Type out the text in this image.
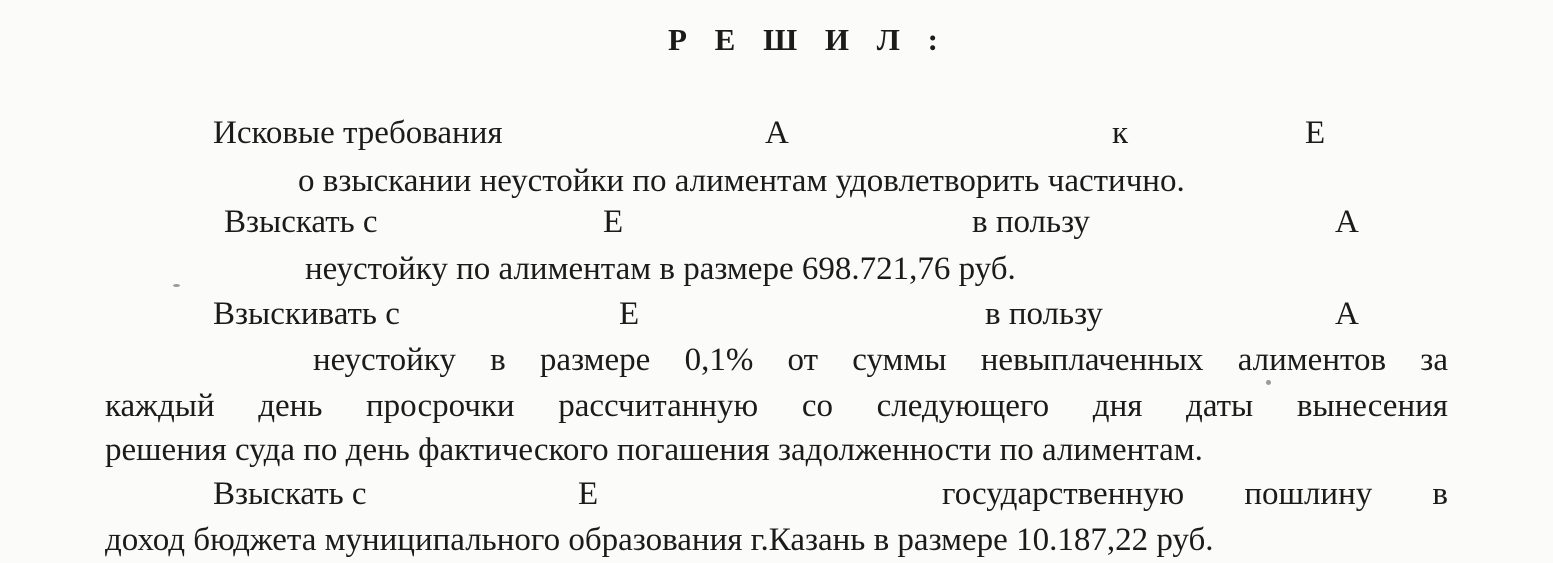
Р Е Ш И Л :
Исковые требования	А	к	Е
о взыскании неустойки по алиментам удовлетворить частично.
Взыскать с	Е	в пользу	А
неустойку по алиментам в размере 698.721,76 руб.
Взыскивать с	Е	в пользу	А
неустойку в размере 0,1% от суммы невыплаченных алиментов за
каждый день просрочки рассчитанную со следующего дня даты вынесения
решения суда по день фактического погашения задолженности по алиментам.
Взыскать с	Е	государственную пошлину в
доход бюджета муниципального образования г.Казань в размере 10.187,22 руб.
